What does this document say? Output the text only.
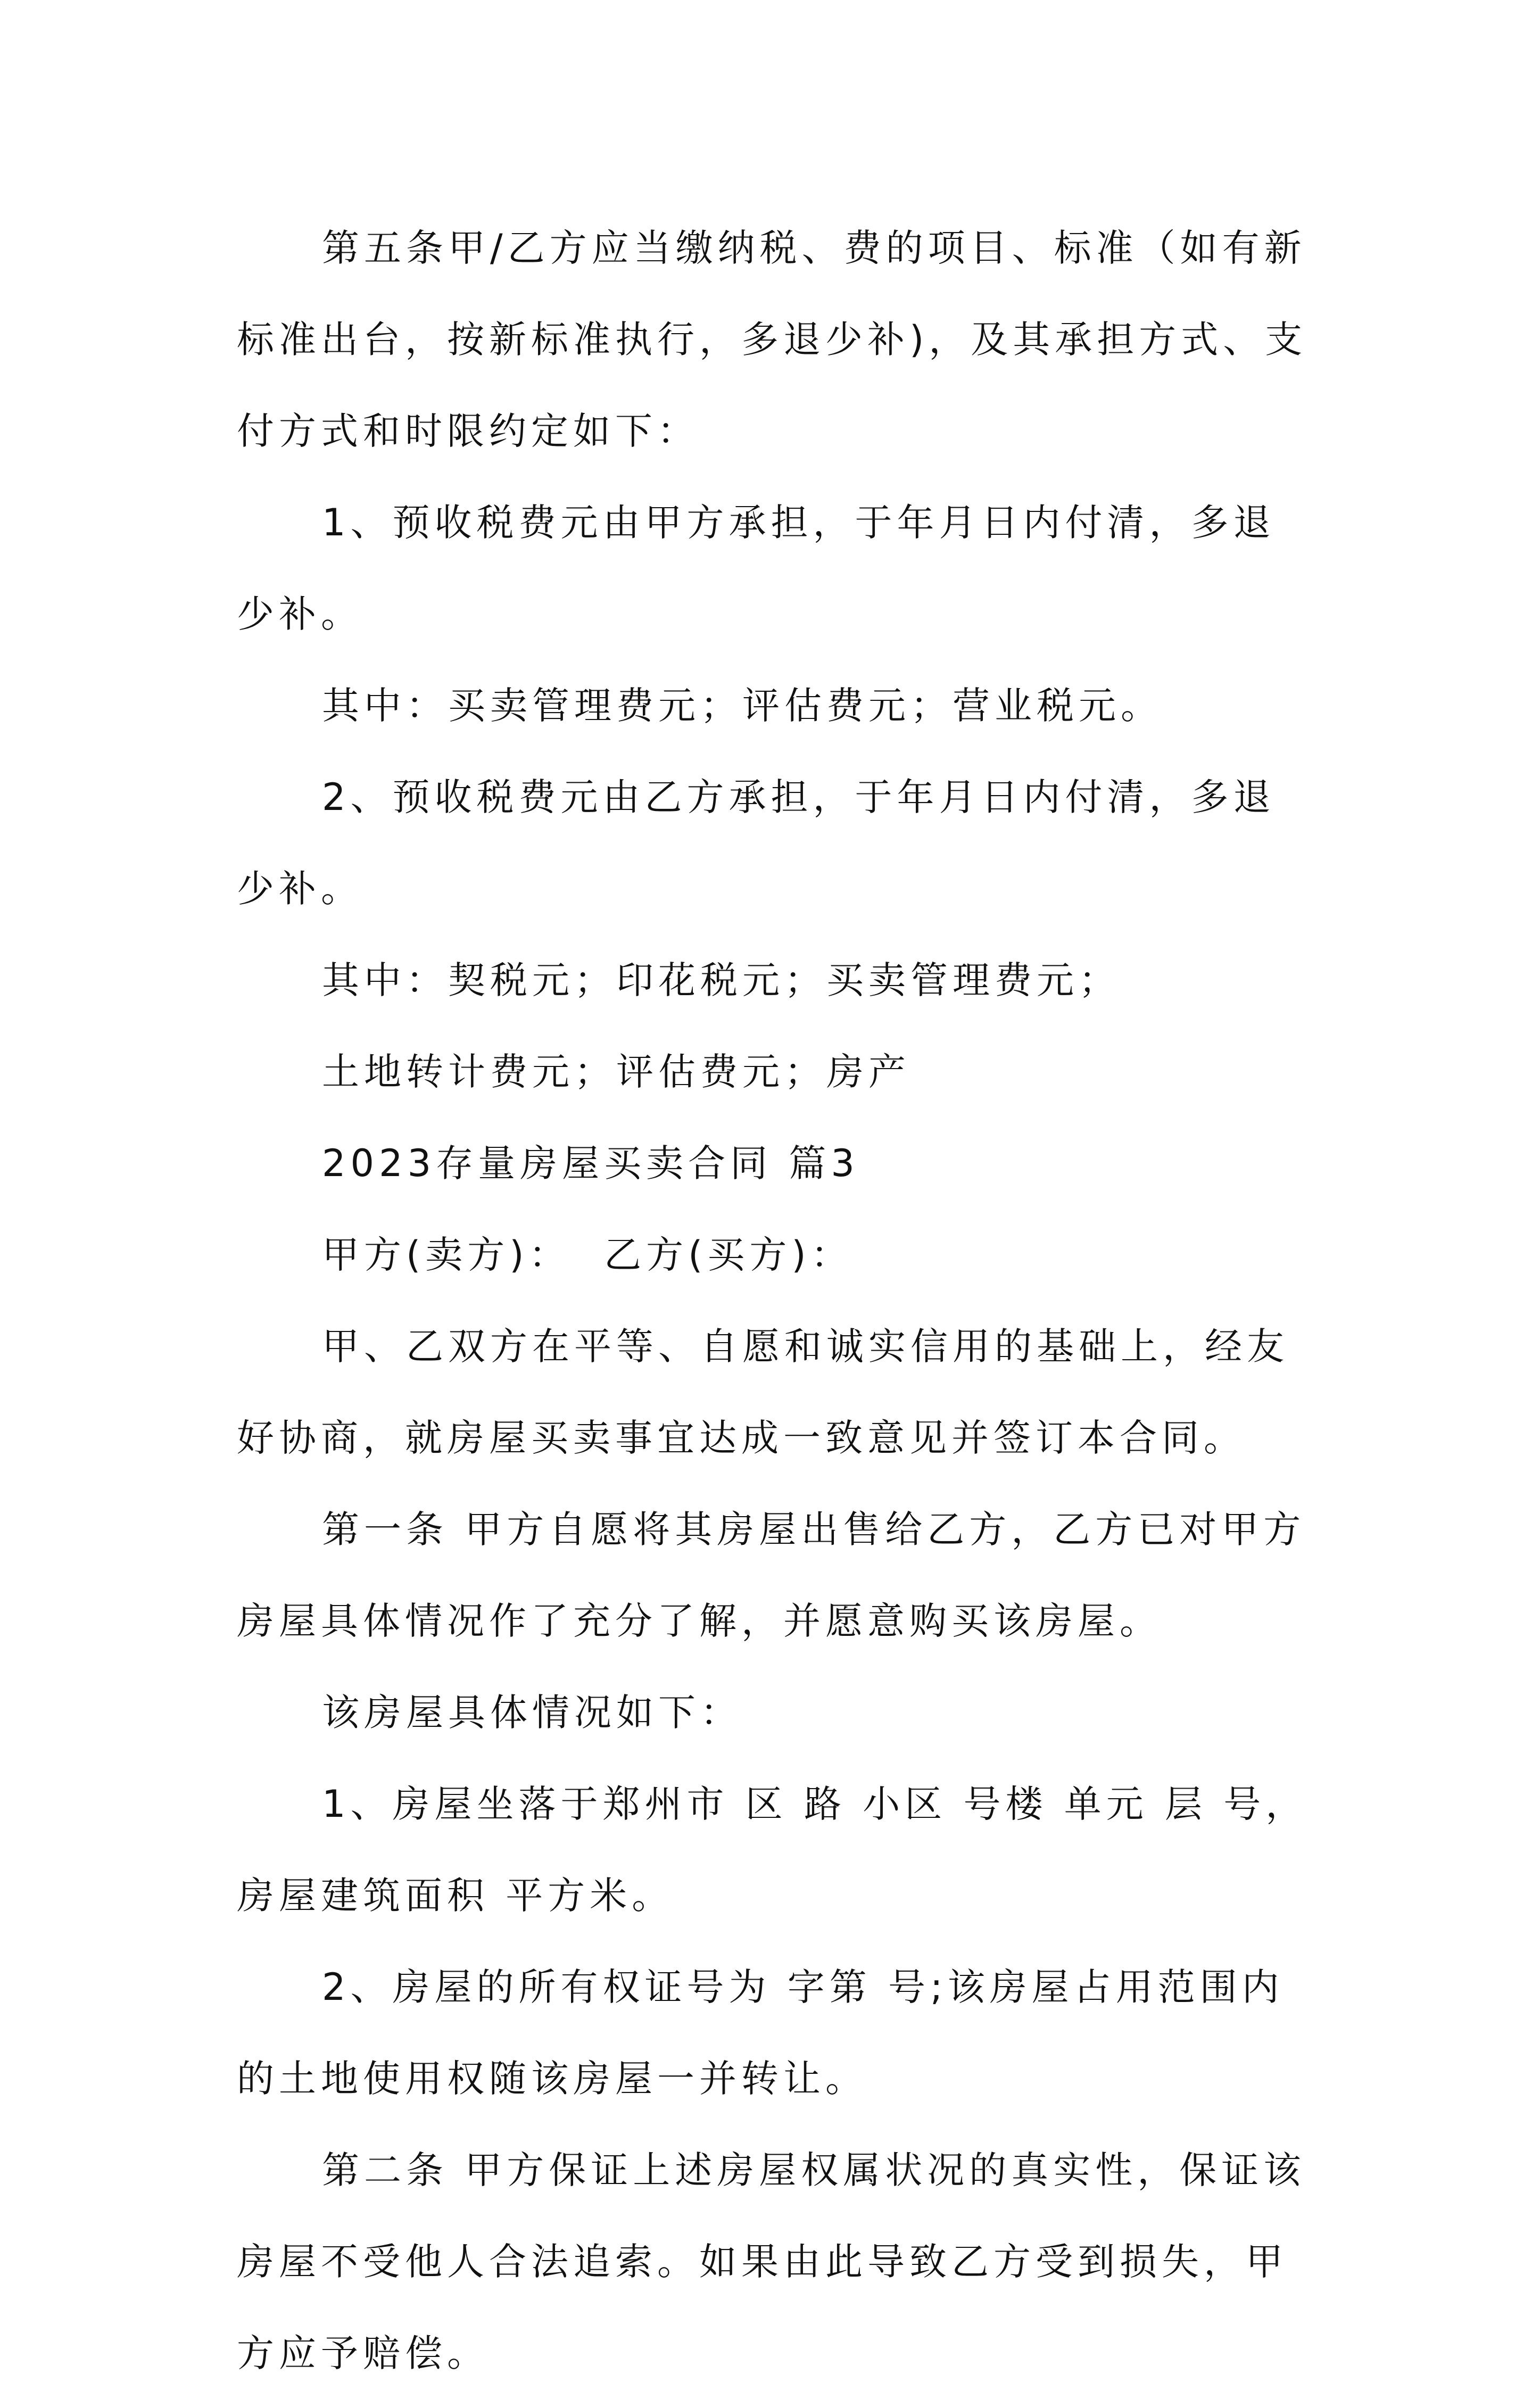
第五条甲/乙方应当缴纳税、费的项目、标准（如有新标准出台，按新标准执行，多退少补)，及其承担方式、支付方式和时限约定如下：

1、预收税费元由甲方承担，于年月日内付清，多退少补。

其中：买卖管理费元；评估费元；营业税元。

2、预收税费元由乙方承担，于年月日内付清，多退少补。

其中：契税元；印花税元；买卖管理费元；

土地转计费元；评估费元；房产

2023存量房屋买卖合同 篇3

甲方(卖方)：  乙方(买方)：

甲、乙双方在平等、自愿和诚实信用的基础上，经友好协商，就房屋买卖事宜达成一致意见并签订本合同。

第一条 甲方自愿将其房屋出售给乙方，乙方已对甲方房屋具体情况作了充分了解，并愿意购买该房屋。

该房屋具体情况如下：

1、房屋坐落于郑州市 区 路 小区 号楼 单元 层 号，房屋建筑面积 平方米。

2、房屋的所有权证号为 字第 号;该房屋占用范围内的土地使用权随该房屋一并转让。

第二条 甲方保证上述房屋权属状况的真实性，保证该房屋不受他人合法追索。如果由此导致乙方受到损失，甲方应予赔偿。
